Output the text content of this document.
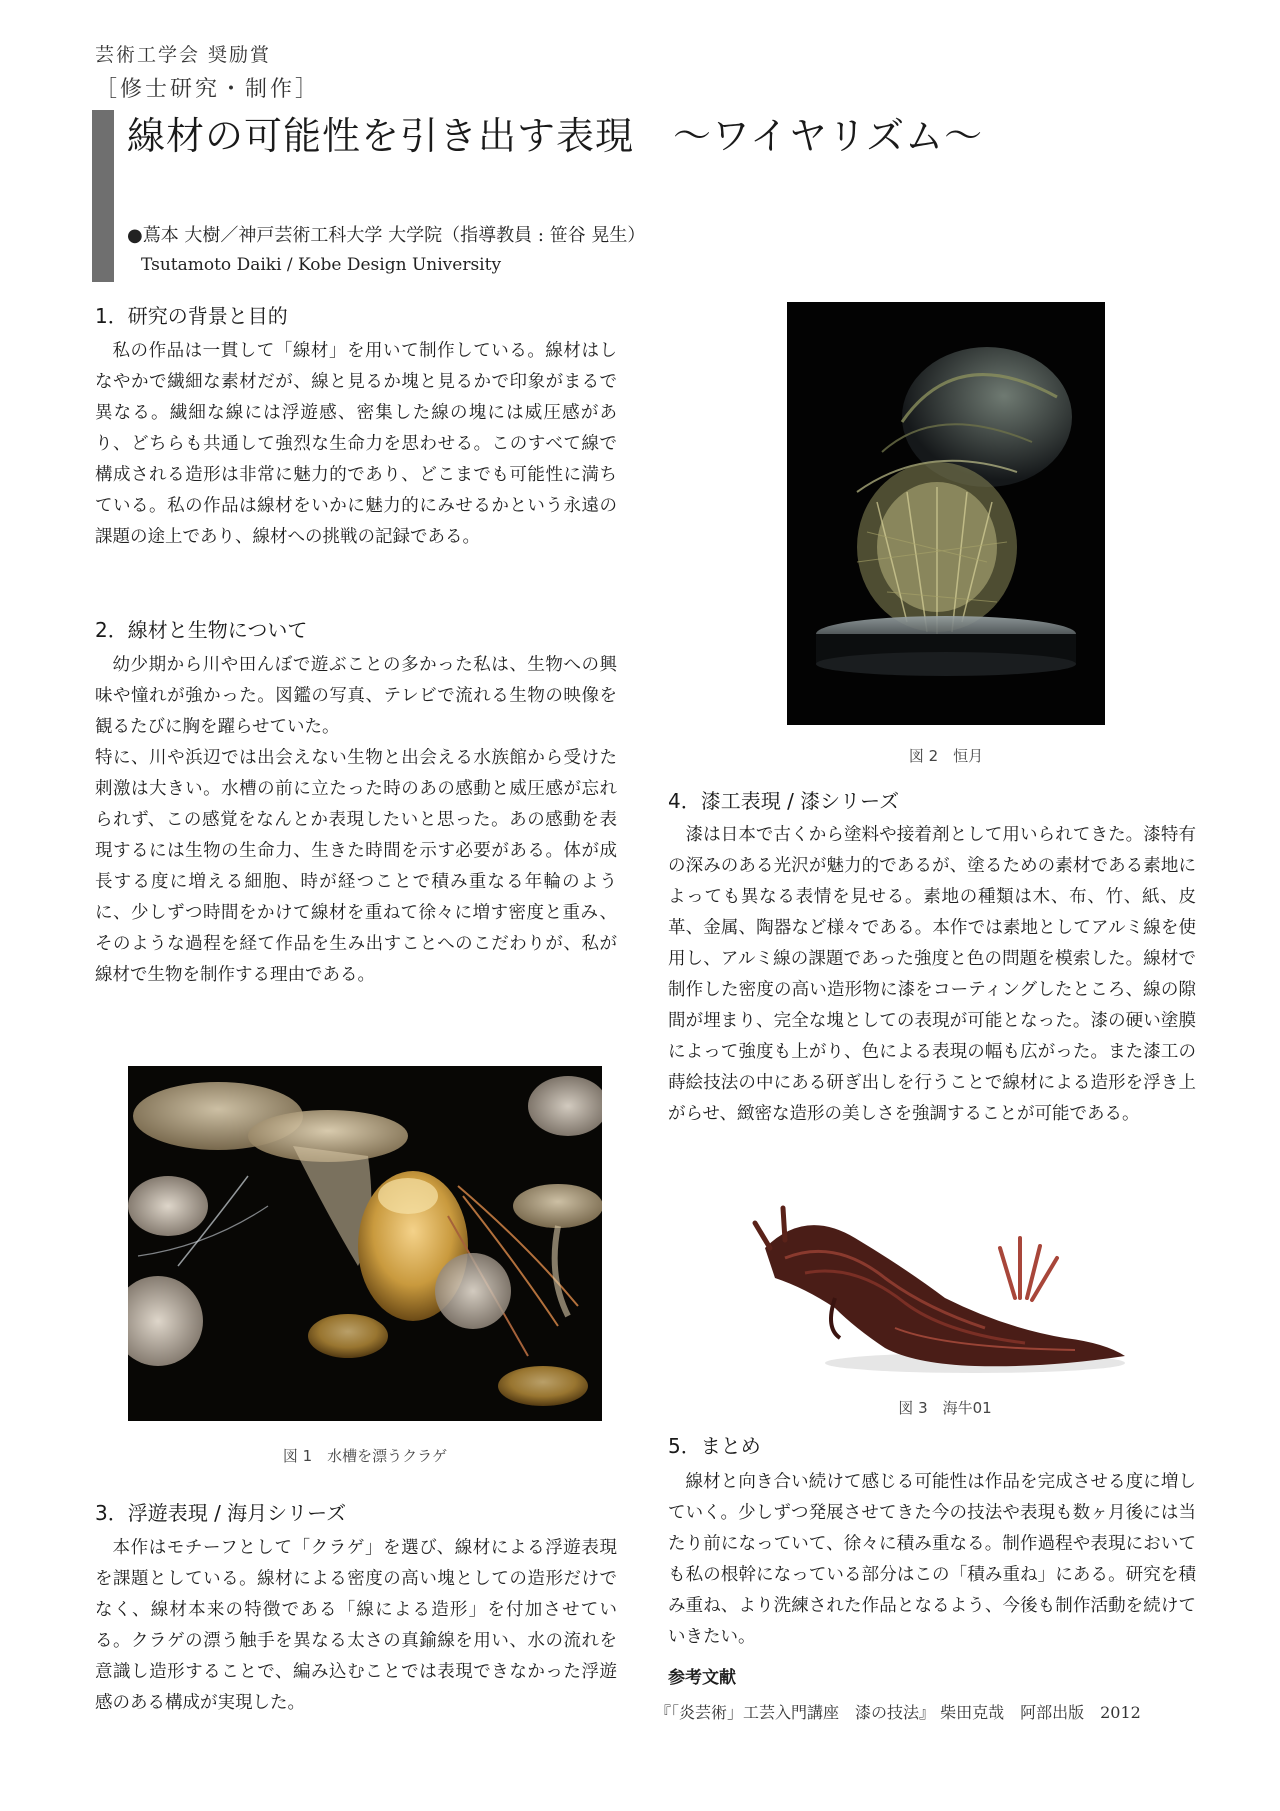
芸術工学会 奨励賞
［修士研究・制作］
線材の可能性を引き出す表現　〜ワイヤリズム〜
●蔦本 大樹／神戸芸術工科大学 大学院（指導教員 : 笹谷 晃生）
Tsutamoto Daiki / Kobe Design University
1．研究の背景と目的

私の作品は一貫して「線材」を用いて制作している。線材はしなやかで繊細な素材だが、線と見るか塊と見るかで印象がまるで異なる。繊細な線には浮遊感、密集した線の塊には威圧感があり、どちらも共通して強烈な生命力を思わせる。このすべて線で構成される造形は非常に魅力的であり、どこまでも可能性に満ちている。私の作品は線材をいかに魅力的にみせるかという永遠の課題の途上であり、線材への挑戦の記録である。

2．線材と生物について

幼少期から川や田んぼで遊ぶことの多かった私は、生物への興味や憧れが強かった。図鑑の写真、テレビで流れる生物の映像を観るたびに胸を躍らせていた。

特に、川や浜辺では出会えない生物と出会える水族館から受けた刺激は大きい。水槽の前に立たった時のあの感動と威圧感が忘れられず、この感覚をなんとか表現したいと思った。あの感動を表現するには生物の生命力、生きた時間を示す必要がある。体が成長する度に増える細胞、時が経つことで積み重なる年輪のように、少しずつ時間をかけて線材を重ねて徐々に増す密度と重み、そのような過程を経て作品を生み出すことへのこだわりが、私が線材で生物を制作する理由である。

図 1　水槽を漂うクラゲ
3．浮遊表現 / 海月シリーズ

本作はモチーフとして「クラゲ」を選び、線材による浮遊表現を課題としている。線材による密度の高い塊としての造形だけでなく、線材本来の特徴である「線による造形」を付加させている。クラゲの漂う触手を異なる太さの真鍮線を用い、水の流れを意識し造形することで、編み込むことでは表現できなかった浮遊感のある構成が実現した。

図 2　恒月
4．漆工表現 / 漆シリーズ

漆は日本で古くから塗料や接着剤として用いられてきた。漆特有の深みのある光沢が魅力的であるが、塗るための素材である素地によっても異なる表情を見せる。素地の種類は木、布、竹、紙、皮革、金属、陶器など様々である。本作では素地としてアルミ線を使用し、アルミ線の課題であった強度と色の問題を模索した。線材で制作した密度の高い造形物に漆をコーティングしたところ、線の隙間が埋まり、完全な塊としての表現が可能となった。漆の硬い塗膜によって強度も上がり、色による表現の幅も広がった。また漆工の蒔絵技法の中にある研ぎ出しを行うことで線材による造形を浮き上がらせ、緻密な造形の美しさを強調することが可能である。

図 3　海牛01
5．まとめ

線材と向き合い続けて感じる可能性は作品を完成させる度に増していく。少しずつ発展させてきた今の技法や表現も数ヶ月後には当たり前になっていて、徐々に積み重なる。制作過程や表現においても私の根幹になっている部分はこの「積み重ね」にある。研究を積み重ね、より洗練された作品となるよう、今後も制作活動を続けていきたい。

参考文献
『「炎芸術」工芸入門講座　漆の技法』 柴田克哉　阿部出版　2012
